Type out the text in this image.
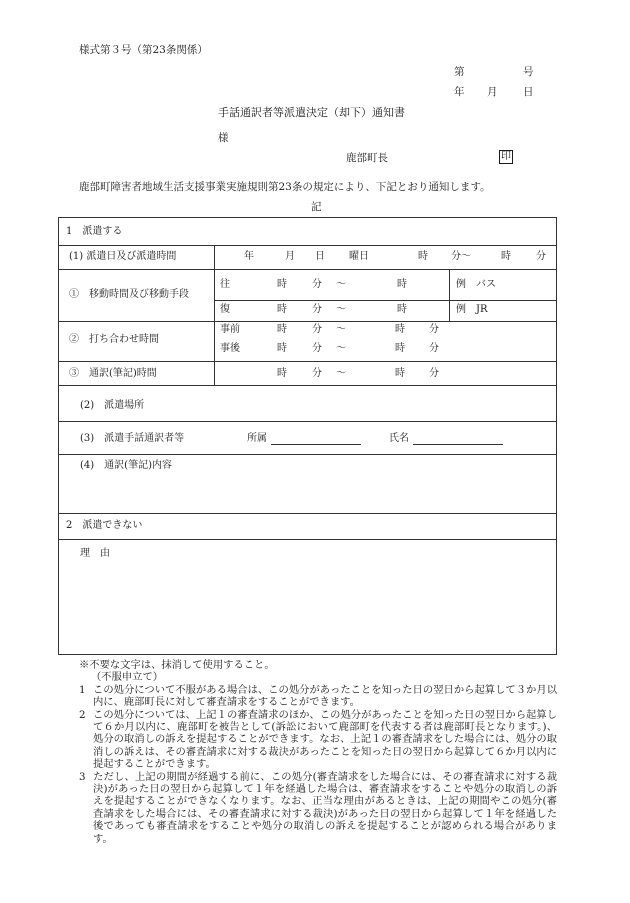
様式第３号（第23条関係）
第	号
年 月 日
手話通訳者等派遣決定（却下）通知書
様
鹿部町長	印
鹿部町障害者地域生活支援事業実施規則第23条の規定により、下記とおり通知します。
記
1　派遣する
(1) 派遣日及び派遣時間	年	月 日 曜日	時 分～	時	分
①　移動時間及び移動手段
往	時	分 ～	時	例　バス
復	時	分 ～	時	例　JR
②　打ち合わせ時間
事前	時	分 ～	時 分
事後	時	分 ～	時 分
③　通訳(筆記)時間	時	分 ～	時 分
(2)　派遣場所
(3)　派遣手話通訳者等	所属	氏名
(4)　通訳(筆記)内容
2　派遣できない
理　由
※不要な文字は、抹消して使用すること。
（不服申立て）
1 この処分について不服がある場合は、この処分があったことを知った日の翌日から起算して３か月以内に、鹿部町長に対して審査請求をすることができます。
2 この処分については、上記１の審査請求のほか、この処分があったことを知った日の翌日から起算して６か月以内に、鹿部町を被告として(訴訟において鹿部町を代表する者は鹿部町長となります。)、処分の取消しの訴えを提起することができます。なお、上記１の審査請求をした場合には、処分の取消しの訴えは、その審査請求に対する裁決があったことを知った日の翌日から起算して６か月以内に提起することができます。
3 ただし、上記の期間が経過する前に、この処分(審査請求をした場合には、その審査請求に対する裁決)があった日の翌日から起算して１年を経過した場合は、審査請求をすることや処分の取消しの訴えを提起することができなくなります。なお、正当な理由があるときは、上記の期間やこの処分(審査請求をした場合には、その審査請求に対する裁決)があった日の翌日から起算して１年を経過した後であっても審査請求をすることや処分の取消しの訴えを提起することが認められる場合があります。
